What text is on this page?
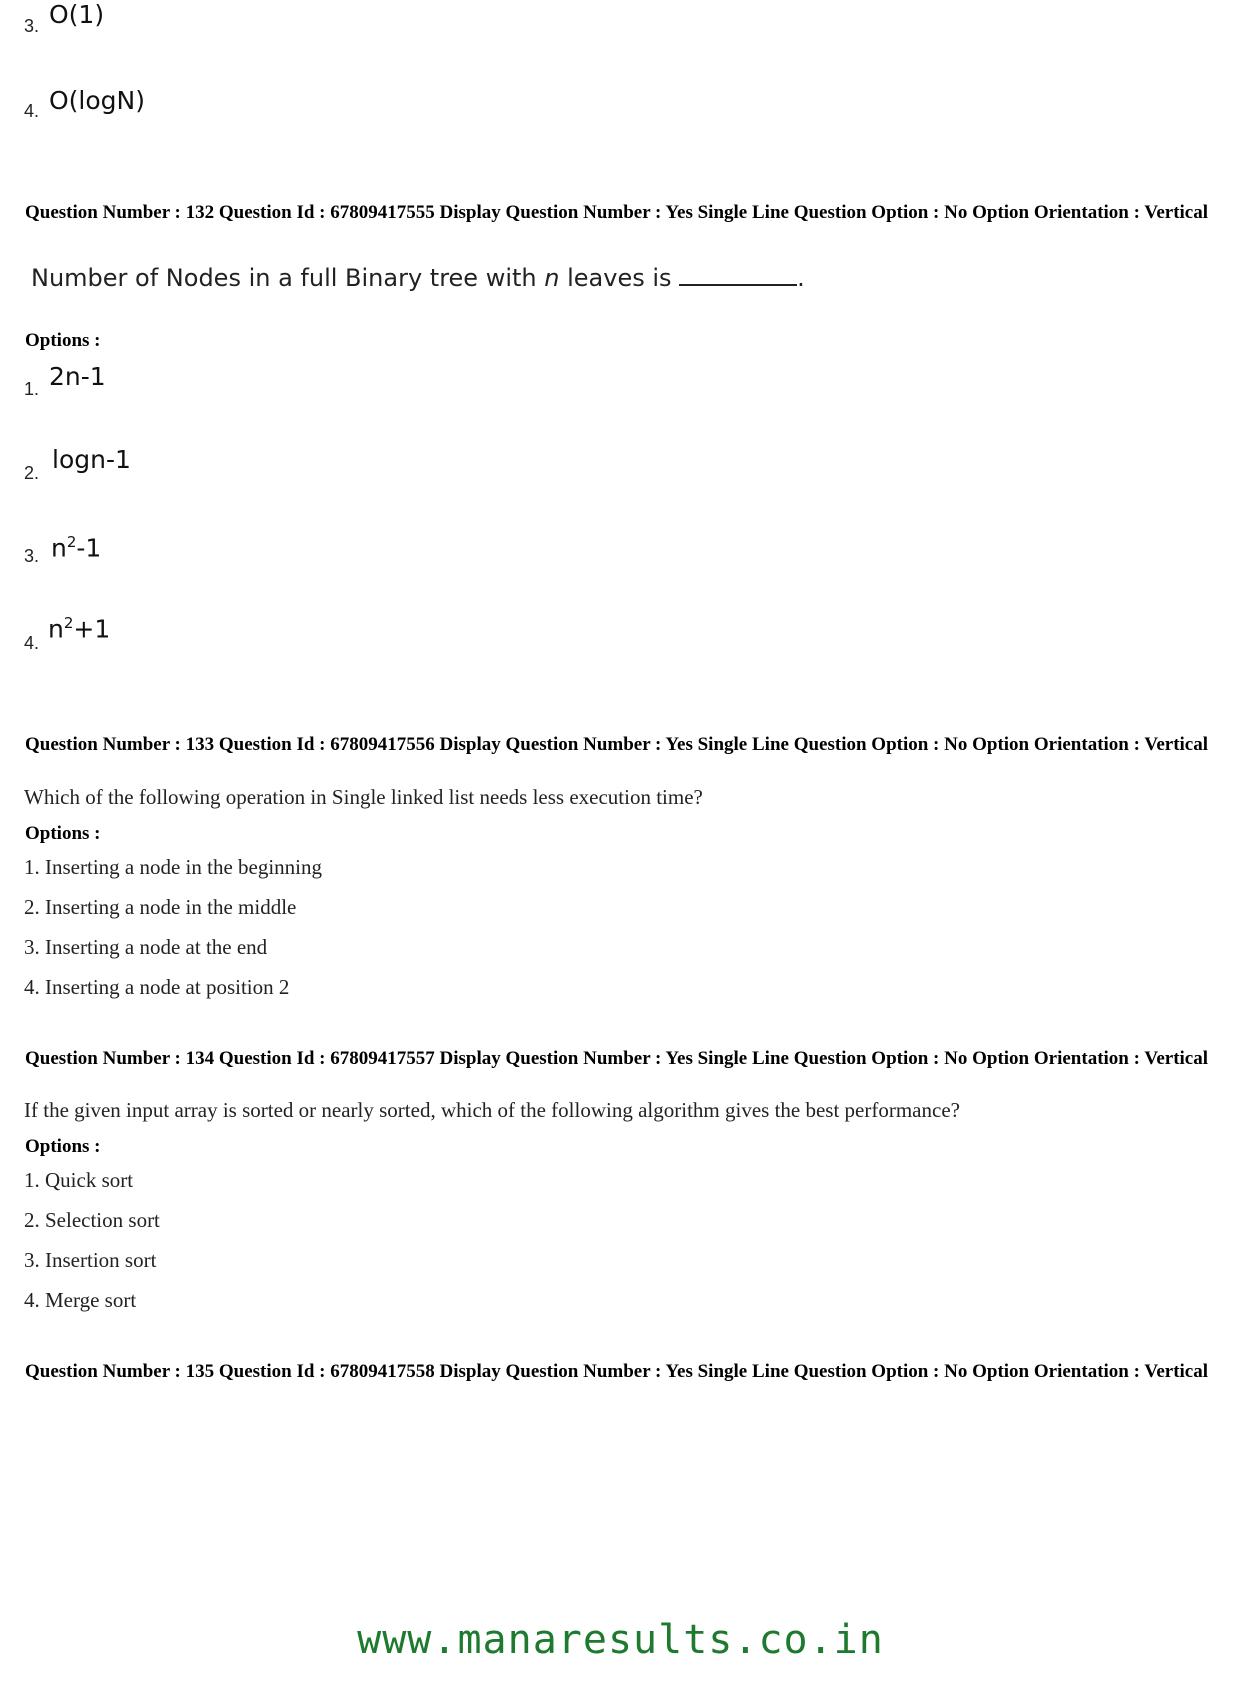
3. O(1)
4. O(logN)
Question Number : 132 Question Id : 67809417555 Display Question Number : Yes Single Line Question Option : No Option Orientation : Vertical
Number of Nodes in a full Binary tree with n leaves is	.
Options :
1. 2n-1
2. logn-1
3. $n^2-1$
4. $n^2+1$
Question Number : 133 Question Id : 67809417556 Display Question Number : Yes Single Line Question Option : No Option Orientation : Vertical
Which of the following operation in Single linked list needs less execution time?
Options :
1. Inserting a node in the beginning
2. Inserting a node in the middle
3. Inserting a node at the end
4. Inserting a node at position 2
Question Number : 134 Question Id : 67809417557 Display Question Number : Yes Single Line Question Option : No Option Orientation : Vertical
If the given input array is sorted or nearly sorted, which of the following algorithm gives the best performance?
Options :
1. Quick sort
2. Selection sort
3. Insertion sort
4. Merge sort
Question Number : 135 Question Id : 67809417558 Display Question Number : Yes Single Line Question Option : No Option Orientation : Vertical
www.manaresults.co.in
